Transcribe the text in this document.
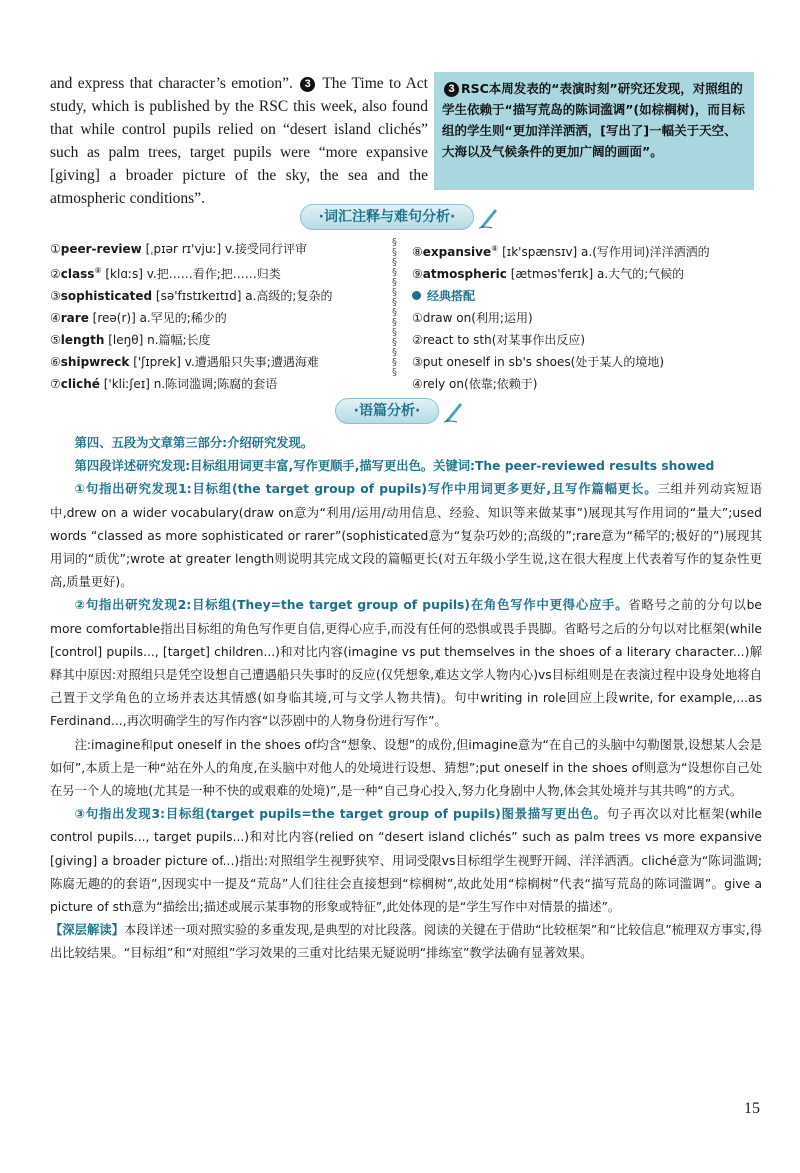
and express that character’s emotion”. 3 The Time to Act study, which is published by the RSC this week, also found that while control pupils relied on “desert island clichés” such as palm trees, target pupils were “more expansive [giving] a broader picture of the sky, the sea and the atmospheric conditions”.
3 RSC本周发表的“表演时刻”研究还发现，对照组的学生依赖于“描写荒岛的陈词滥调”(如棕榈树)，而目标组的学生则“更加洋洋洒洒，[写出了]一幅关于天空、大海以及气候条件的更加广阔的画面”。
·词汇注释与难句分析·
①peer-review [ˌpɪər rɪ'vjuː] v.接受同行评审
②class⑧ [klɑːs] v.把……看作;把……归类
③sophisticated [sə'fɪstɪkeɪtɪd] a.高级的;复杂的
④rare [reə(r)] a.罕见的;稀少的
⑤length [leŋθ] n.篇幅;长度
⑥shipwreck ['ʃɪprek] v.遭遇船只失事;遭遇海难
⑦cliché ['kliːʃeɪ] n.陈词滥调;陈腐的套语
§
§
§
§
§
§
§
§
§
§
§
§
§
§
⑧expansive⑧ [ɪk'spænsɪv] a.(写作用词)洋洋洒洒的
⑨atmospheric [ætməs'ferɪk] a.大气的;气候的
经典搭配
①draw on(利用;运用)
②react to sth(对某事作出反应)
③put oneself in sb's shoes(处于某人的境地)
④rely on(依靠;依赖于)
·语篇分析·

第四、五段为文章第三部分:介绍研究发现。

第四段详述研究发现:目标组用词更丰富,写作更顺手,描写更出色。关键词:The peer-reviewed results showed

①句指出研究发现1:目标组(the target group of pupils)写作中用词更多更好,且写作篇幅更长。三组并列动宾短语中,drew on a wider vocabulary(draw on意为“利用/运用/动用信息、经验、知识等来做某事”)展现其写作用词的“量大”;used words “classed as more sophisticated or rarer”(sophisticated意为“复杂巧妙的;高级的”;rare意为“稀罕的;极好的”)展现其用词的“质优”;wrote at greater length则说明其完成文段的篇幅更长(对五年级小学生说,这在很大程度上代表着写作的复杂性更高,质量更好)。

②句指出研究发现2:目标组(They=the target group of pupils)在角色写作中更得心应手。省略号之前的分句以be more comfortable指出目标组的角色写作更自信,更得心应手,而没有任何的恐惧或畏手畏脚。省略号之后的分句以对比框架(while [control] pupils..., [target] children...)和对比内容(imagine vs put themselves in the shoes of a literary character...)解释其中原因:对照组只是凭空设想自己遭遇船只失事时的反应(仅凭想象,难达文学人物内心)vs目标组则是在表演过程中设身处地将自己置于文学角色的立场并表达其情感(如身临其境,可与文学人物共情)。句中writing in role回应上段write, for example,...as Ferdinand...,再次明确学生的写作内容“以莎剧中的人物身份进行写作”。

注:imagine和put oneself in the shoes of均含“想象、设想”的成份,但imagine意为“在自己的头脑中勾勒图景,设想某人会是如何”,本质上是一种“站在外人的角度,在头脑中对他人的处境进行设想、猜想”;put oneself in the shoes of则意为“设想你自己处在另一个人的境地(尤其是一种不快的或艰难的处境)”,是一种“自己身心投入,努力化身剧中人物,体会其处境并与其共鸣”的方式。

③句指出发现3:目标组(target pupils=the target group of pupils)图景描写更出色。句子再次以对比框架(while control pupils..., target pupils...)和对比内容(relied on “desert island clichés” such as palm trees vs more expansive [giving] a broader picture of...)指出:对照组学生视野狭窄、用词受限vs目标组学生视野开阔、洋洋洒洒。cliché意为“陈词滥调;陈腐无趣的的套语”,因现实中一提及“荒岛”人们往往会直接想到“棕榈树”,故此处用“棕榈树”代表“描写荒岛的陈词滥调”。give a picture of sth意为“描绘出;描述或展示某事物的形象或特征”,此处体现的是“学生写作中对情景的描述”。

【深层解读】本段详述一项对照实验的多重发现,是典型的对比段落。阅读的关键在于借助“比较框架”和“比较信息”梳理双方事实,得出比较结果。“目标组”和“对照组”学习效果的三重对比结果无疑说明“排练室”教学法确有显著效果。

15
